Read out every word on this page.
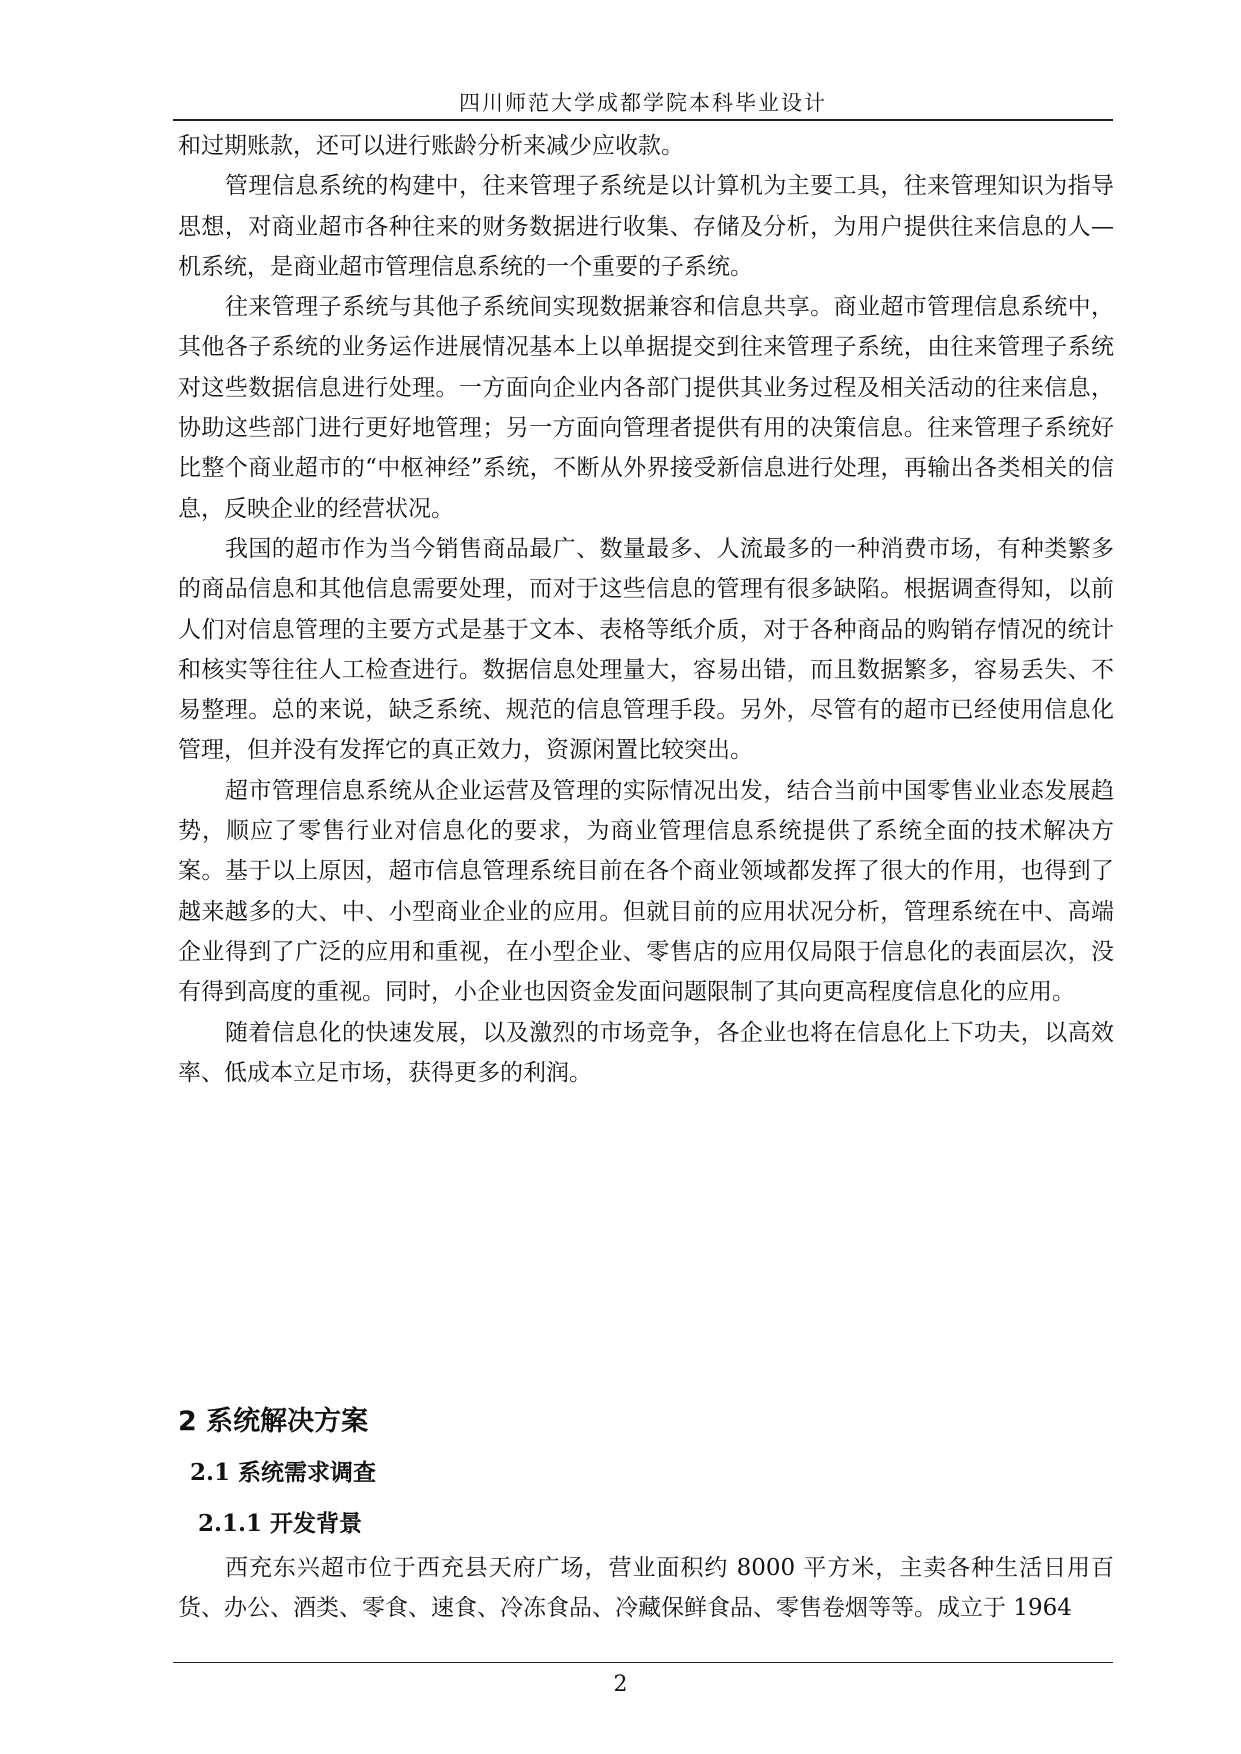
四川师范大学成都学院本科毕业设计

和过期账款，还可以进行账龄分析来减少应收款。

管理信息系统的构建中，往来管理子系统是以计算机为主要工具，往来管理知识为指导思想，对商业超市各种往来的财务数据进行收集、存储及分析，为用户提供往来信息的人—机系统，是商业超市管理信息系统的一个重要的子系统。

往来管理子系统与其他子系统间实现数据兼容和信息共享。商业超市管理信息系统中，其他各子系统的业务运作进展情况基本上以单据提交到往来管理子系统，由往来管理子系统对这些数据信息进行处理。一方面向企业内各部门提供其业务过程及相关活动的往来信息，协助这些部门进行更好地管理；另一方面向管理者提供有用的决策信息。往来管理子系统好比整个商业超市的“中枢神经”系统，不断从外界接受新信息进行处理，再输出各类相关的信息，反映企业的经营状况。

我国的超市作为当今销售商品最广、数量最多、人流最多的一种消费市场，有种类繁多的商品信息和其他信息需要处理，而对于这些信息的管理有很多缺陷。根据调查得知，以前人们对信息管理的主要方式是基于文本、表格等纸介质，对于各种商品的购销存情况的统计和核实等往往人工检查进行。数据信息处理量大，容易出错，而且数据繁多，容易丢失、不易整理。总的来说，缺乏系统、规范的信息管理手段。另外，尽管有的超市已经使用信息化管理，但并没有发挥它的真正效力，资源闲置比较突出。

超市管理信息系统从企业运营及管理的实际情况出发，结合当前中国零售业业态发展趋势，顺应了零售行业对信息化的要求，为商业管理信息系统提供了系统全面的技术解决方案。基于以上原因，超市信息管理系统目前在各个商业领域都发挥了很大的作用，也得到了越来越多的大、中、小型商业企业的应用。但就目前的应用状况分析，管理系统在中、高端企业得到了广泛的应用和重视，在小型企业、零售店的应用仅局限于信息化的表面层次，没有得到高度的重视。同时，小企业也因资金发面问题限制了其向更高程度信息化的应用。

随着信息化的快速发展，以及激烈的市场竞争，各企业也将在信息化上下功夫，以高效率、低成本立足市场，获得更多的利润。

2 系统解决方案
2.1 系统需求调查
2.1.1 开发背景

西充东兴超市位于西充县天府广场，营业面积约 8000 平方米，主卖各种生活日用百货、办公、酒类、零食、速食、冷冻食品、冷藏保鲜食品、零售卷烟等等。成立于 1964

2
